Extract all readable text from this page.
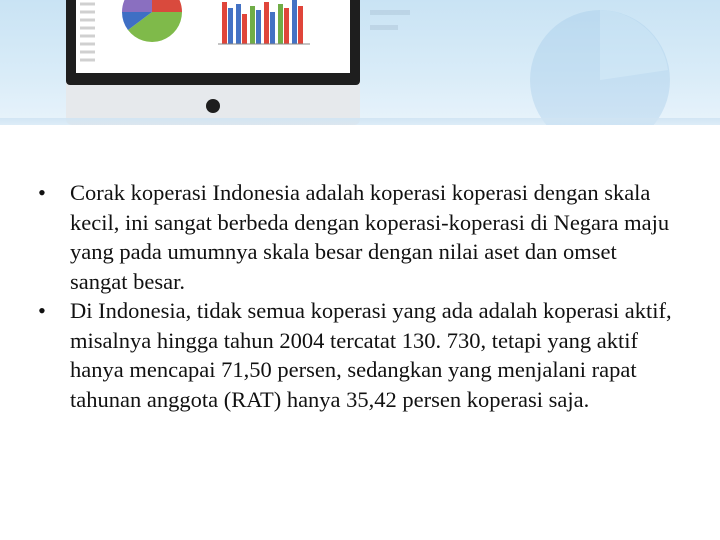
•	Corak koperasi Indonesia adalah koperasi koperasi dengan skala kecil, ini sangat berbeda dengan koperasi-koperasi di Negara maju yang pada umumnya skala besar dengan nilai aset dan omset sangat besar.
•	Di Indonesia, tidak semua koperasi yang ada adalah koperasi aktif, misalnya hingga tahun 2004 tercatat 130. 730, tetapi yang aktif hanya mencapai 71,50 persen, sedangkan yang menjalani rapat tahunan anggota (RAT) hanya 35,42 persen koperasi saja.
